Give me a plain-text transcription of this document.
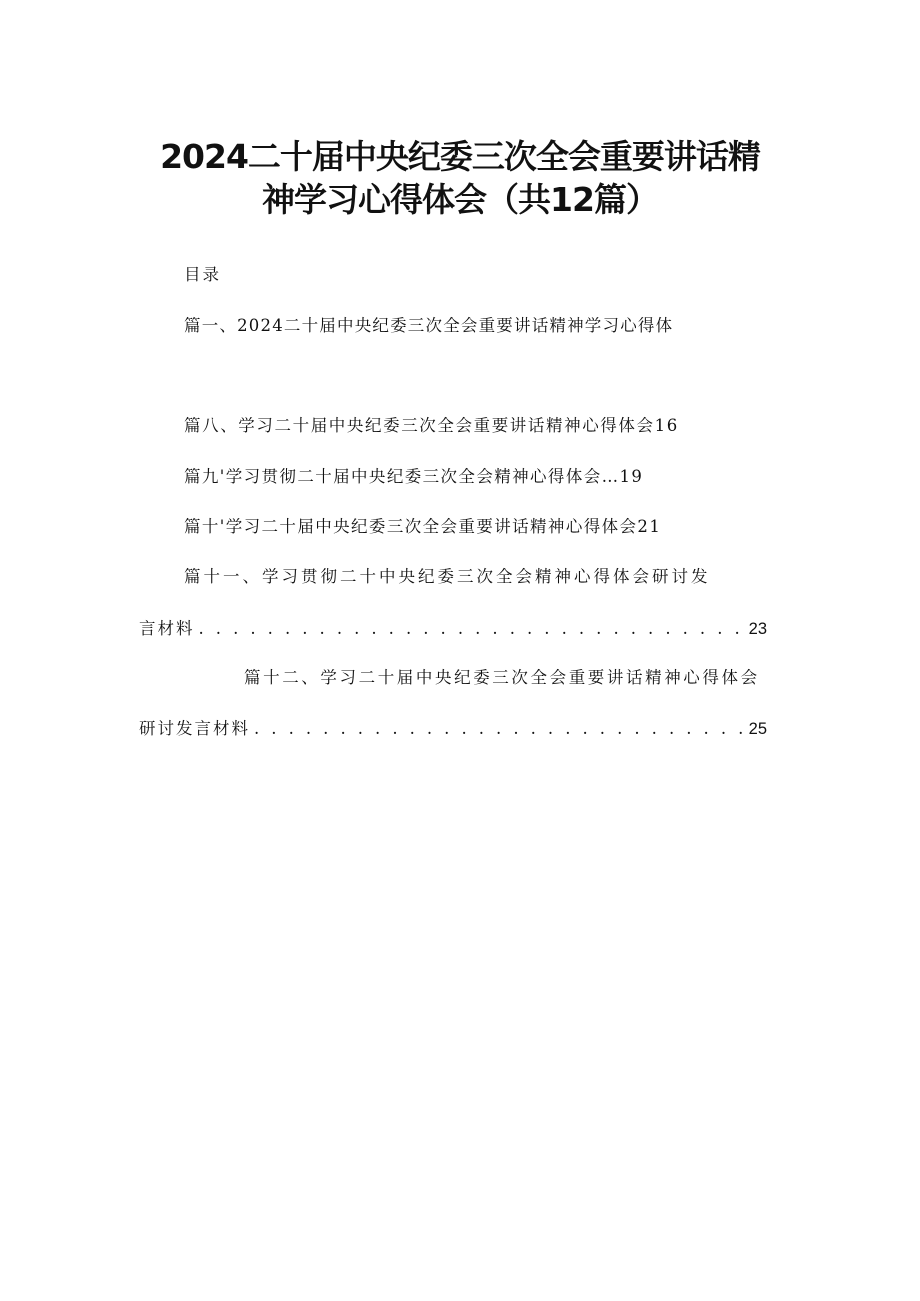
2024二十届中央纪委三次全会重要讲话精
神学习心得体会（共12篇）
目录
篇一、2024二十届中央纪委三次全会重要讲话精神学习心得体
篇八、学习二十届中央纪委三次全会重要讲话精神心得体会16
篇九'学习贯彻二十届中央纪委三次全会精神心得体会…19
篇十'学习二十届中央纪委三次全会重要讲话精神心得体会21
篇十一、学习贯彻二十中央纪委三次全会精神心得体会研讨发
言材料 . . .	23
篇十二、学习二十届中央纪委三次全会重要讲话精神心得体会
研讨发言材料 . . .	25
